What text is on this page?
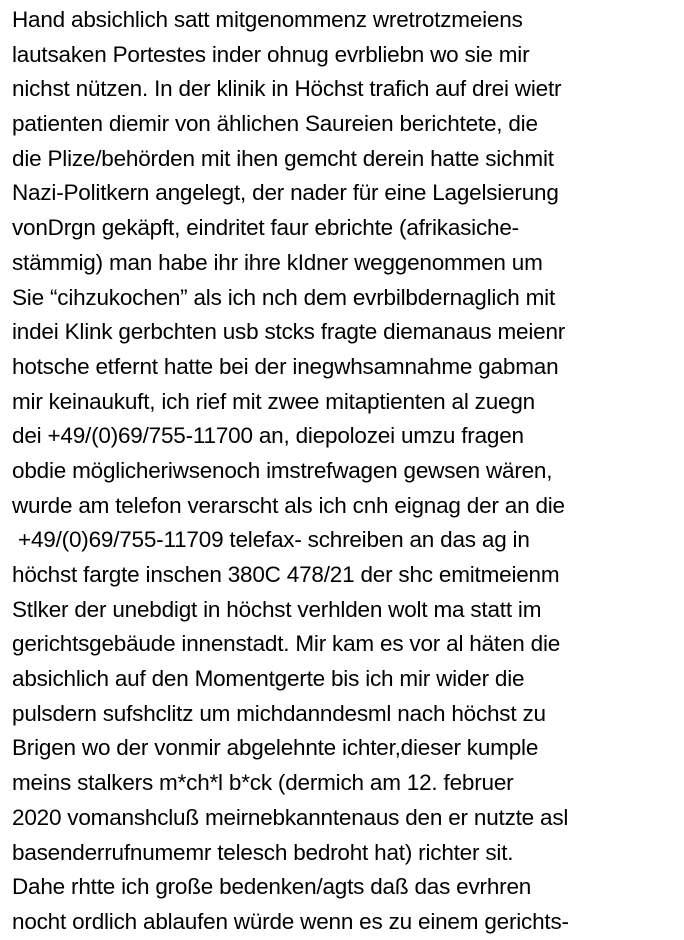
Hand absichlich satt mitgenommenz wretrotzmeiens
lautsaken Portestes inder ohnug evrbliebn wo sie mir
nichst nützen. In der klinik in Höchst trafich auf drei wietr
patienten diemir von ählichen Saureien berichtete, die
die Plize/behörden mit ihen gemcht derein hatte sichmit
Nazi-Politkern angelegt, der nader für eine Lagelsierung
vonDrgn gekäpft, eindritet faur ebrichte (afrikasiche-
stämmig) man habe ihr ihre kIdner weggenommen um
Sie “cihzukochen” als ich nch dem evrbilbdernaglich mit
indei Klink gerbchten usb stcks fragte diemanaus meienr
hotsche etfernt hatte bei der inegwhsamnahme gabman
mir keinaukuft, ich rief mit zwee mitaptienten al zuegn
dei +49/(0)69/755-11700 an, diepolozei umzu fragen
obdie möglicheriwsenoch imstrefwagen gewsen wären,
wurde am telefon verarscht als ich cnh eignag der an die
+49/(0)69/755-11709 telefax- schreiben an das ag in
höchst fargte inschen 380C 478/21 der shc emitmeienm
Stlker der unebdigt in höchst verhlden wolt ma statt im
gerichtsgebäude innenstadt. Mir kam es vor al häten die
absichlich auf den Momentgerte bis ich mir wider die
pulsdern sufshclitz um michdanndesml nach höchst zu
Brigen wo der vonmir abgelehnte ichter,dieser kumple
meins stalkers m*ch*l b*ck (dermich am 12. februer
2020 vomanshcluß meirnebkanntenaus den er nutzte asl
basenderrufnumemr telesch bedroht hat) richter sit.
Dahe rhtte ich große bedenken/agts daß das evrhren
nocht ordlich ablaufen würde wenn es zu einem gerichts-
